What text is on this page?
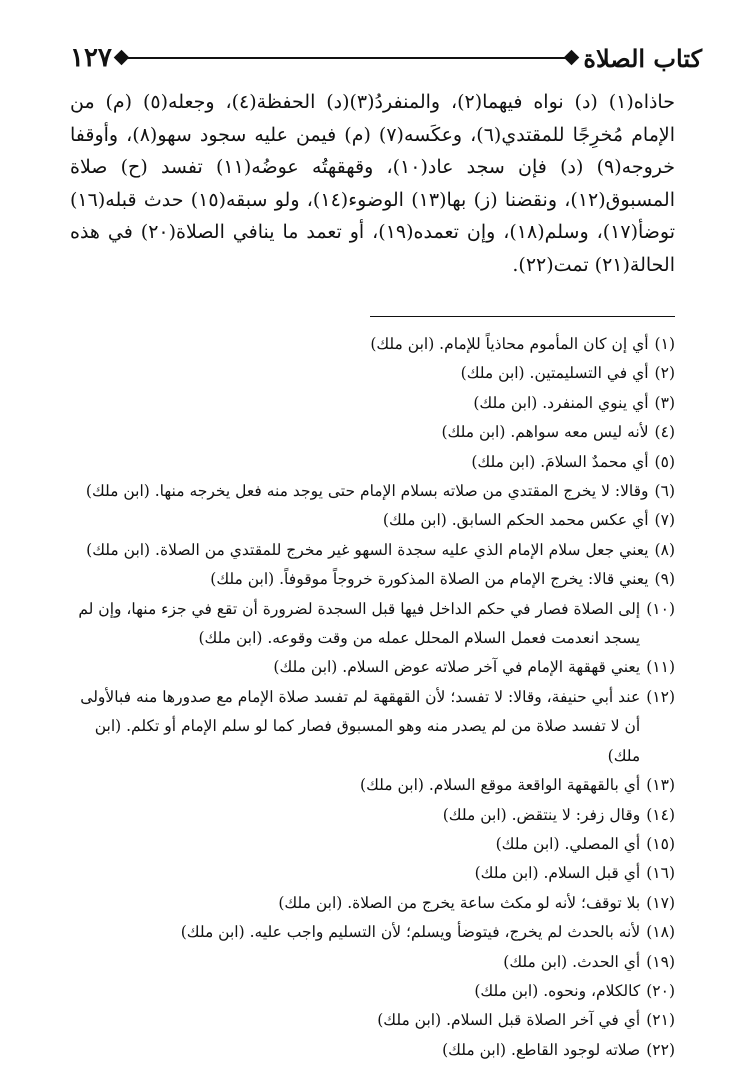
١٢٧	كتاب الصلاة

حاذاه(١) (د) نواه فيهما(٢)، والمنفردُ(٣)(د) الحفظة(٤)، وجعله(٥) (م) من الإمام مُخرِجًا للمقتدي(٦)، وعكَسه(٧) (م) فيمن عليه سجود سهو(٨)، وأوقفا خروجه(٩) (د) فإن سجد عاد(١٠)، وقهقهتُه عوضُه(١١) تفسد (ح) صلاة المسبوق(١٢)، ونقضنا (ز) بها(١٣) الوضوء(١٤)، ولو سبقه(١٥) حدث قبله(١٦) توضأ(١٧)، وسلم(١٨)، وإن تعمده(١٩)، أو تعمد ما ينافي الصلاة(٢٠) في هذه الحالة(٢١) تمت(٢٢).

(١)
أي إن كان المأموم محاذياً للإمام. (ابن ملك)
(٢)
أي في التسليمتين. (ابن ملك)
(٣)
أي ينوي المنفرد. (ابن ملك)
(٤)
لأنه ليس معه سواهم. (ابن ملك)
(٥)
أي محمدٌ السلامَ. (ابن ملك)
(٦)
وقالا: لا يخرج المقتدي من صلاته بسلام الإمام حتى يوجد منه فعل يخرجه منها. (ابن ملك)
(٧)
أي عكس محمد الحكم السابق. (ابن ملك)
(٨)
يعني جعل سلام الإمام الذي عليه سجدة السهو غير مخرج للمقتدي من الصلاة. (ابن ملك)
(٩)
يعني قالا: يخرج الإمام من الصلاة المذكورة خروجاً موقوفاً. (ابن ملك)
(١٠)
إلى الصلاة فصار في حكم الداخل فيها قبل السجدة لضرورة أن تقع في جزء منها، وإن لم يسجد انعدمت فعمل السلام المحلل عمله من وقت وقوعه. (ابن ملك)
(١١)
يعني قهقهة الإمام في آخر صلاته عوض السلام. (ابن ملك)
(١٢)
عند أبي حنيفة، وقالا: لا تفسد؛ لأن القهقهة لم تفسد صلاة الإمام مع صدورها منه فبالأولى أن لا تفسد صلاة من لم يصدر منه وهو المسبوق فصار كما لو سلم الإمام أو تكلم. (ابن ملك)
(١٣)
أي بالقهقهة الواقعة موقع السلام. (ابن ملك)
(١٤)
وقال زفر: لا ينتقض. (ابن ملك)
(١٥)
أي المصلي. (ابن ملك)
(١٦)
أي قبل السلام. (ابن ملك)
(١٧)
بلا توقف؛ لأنه لو مكث ساعة يخرج من الصلاة. (ابن ملك)
(١٨)
لأنه بالحدث لم يخرج، فيتوضأ ويسلم؛ لأن التسليم واجب عليه. (ابن ملك)
(١٩)
أي الحدث. (ابن ملك)
(٢٠)
كالكلام، ونحوه. (ابن ملك)
(٢١)
أي في آخر الصلاة قبل السلام. (ابن ملك)
(٢٢)
صلاته لوجود القاطع. (ابن ملك)
